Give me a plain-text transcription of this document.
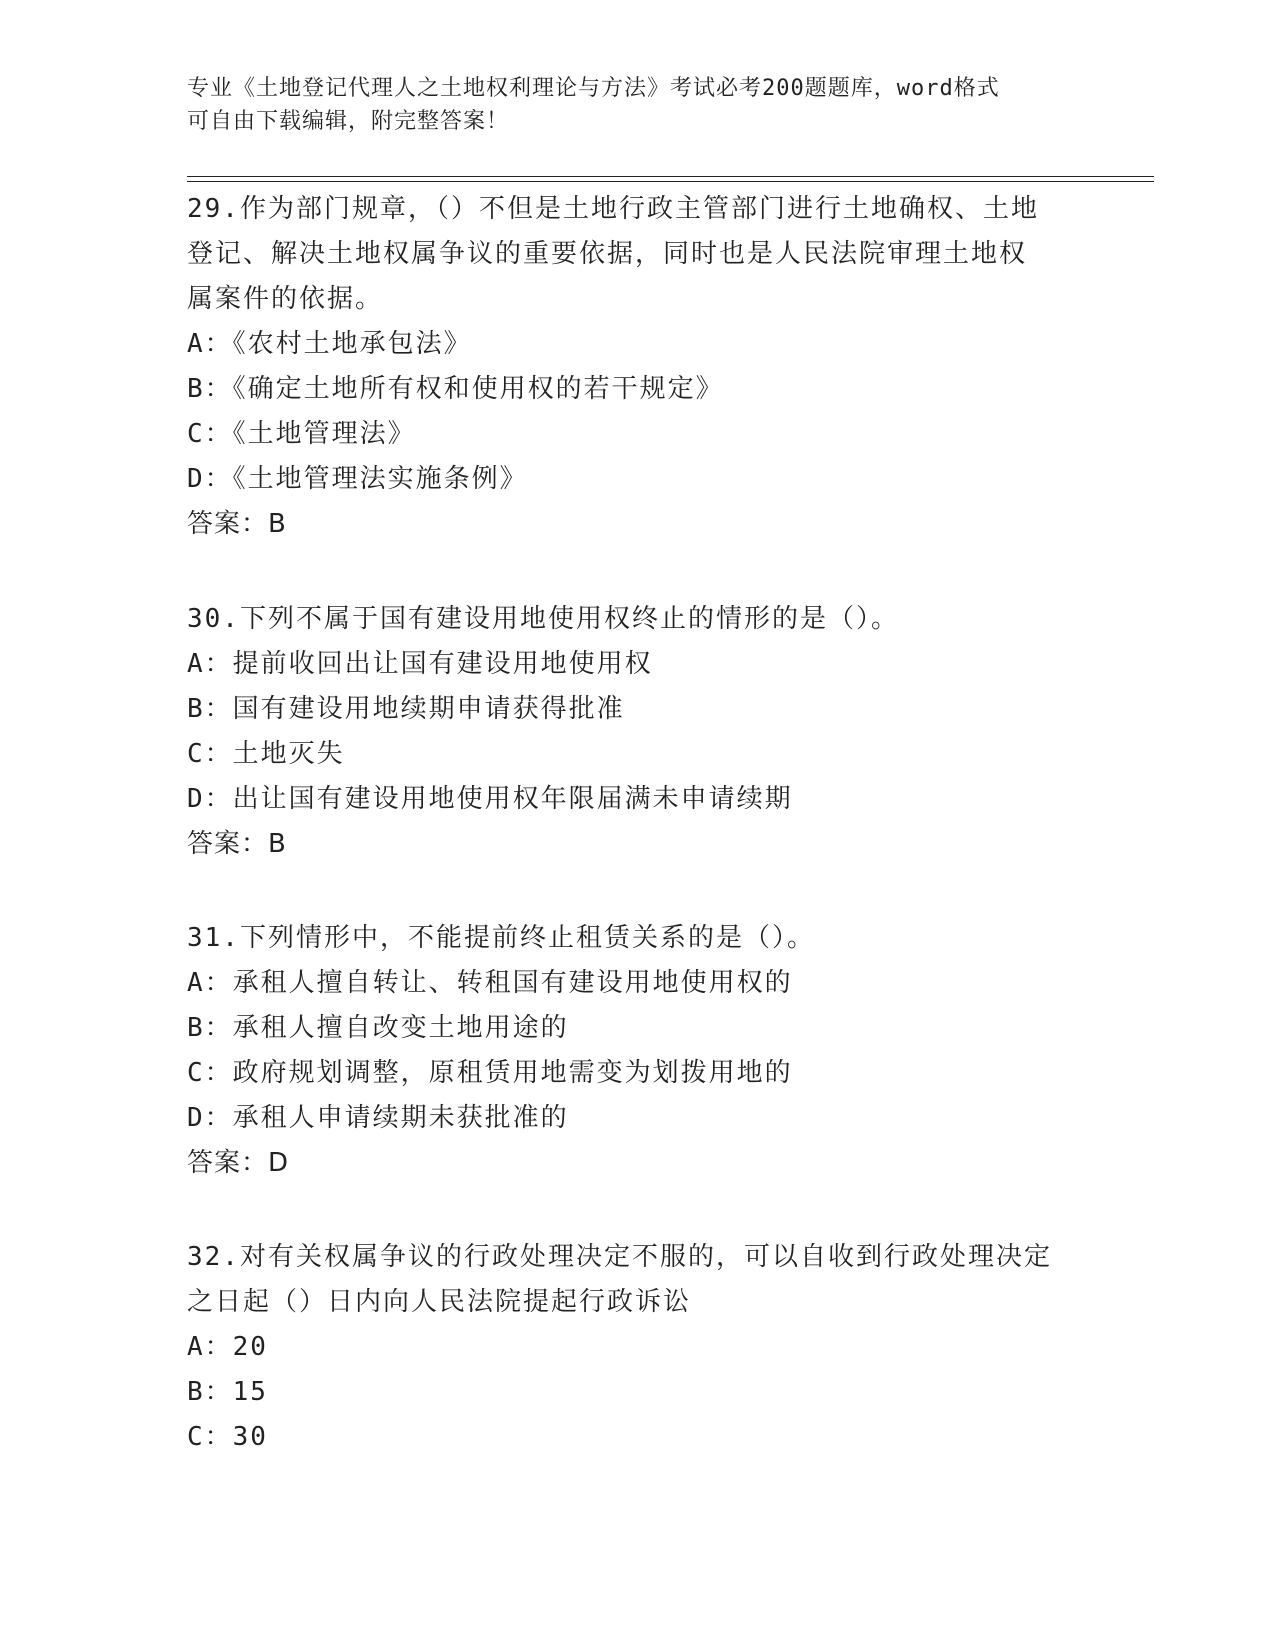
专业《土地登记代理人之土地权利理论与方法》考试必考200题题库，word格式
可自由下载编辑，附完整答案！
29.作为部门规章，（）不但是土地行政主管部门进行土地确权、土地
登记、解决土地权属争议的重要依据，同时也是人民法院审理土地权
属案件的依据。
A：《农村土地承包法》
B：《确定土地所有权和使用权的若干规定》
C：《土地管理法》
D：《土地管理法实施条例》
答案：B
30.下列不属于国有建设用地使用权终止的情形的是（）。
A：提前收回出让国有建设用地使用权
B：国有建设用地续期申请获得批准
C：土地灭失
D：出让国有建设用地使用权年限届满未申请续期
答案：B
31.下列情形中，不能提前终止租赁关系的是（）。
A：承租人擅自转让、转租国有建设用地使用权的
B：承租人擅自改变土地用途的
C：政府规划调整，原租赁用地需变为划拨用地的
D：承租人申请续期未获批准的
答案：D
32.对有关权属争议的行政处理决定不服的，可以自收到行政处理决定
之日起（）日内向人民法院提起行政诉讼
A：20
B：15
C：30
